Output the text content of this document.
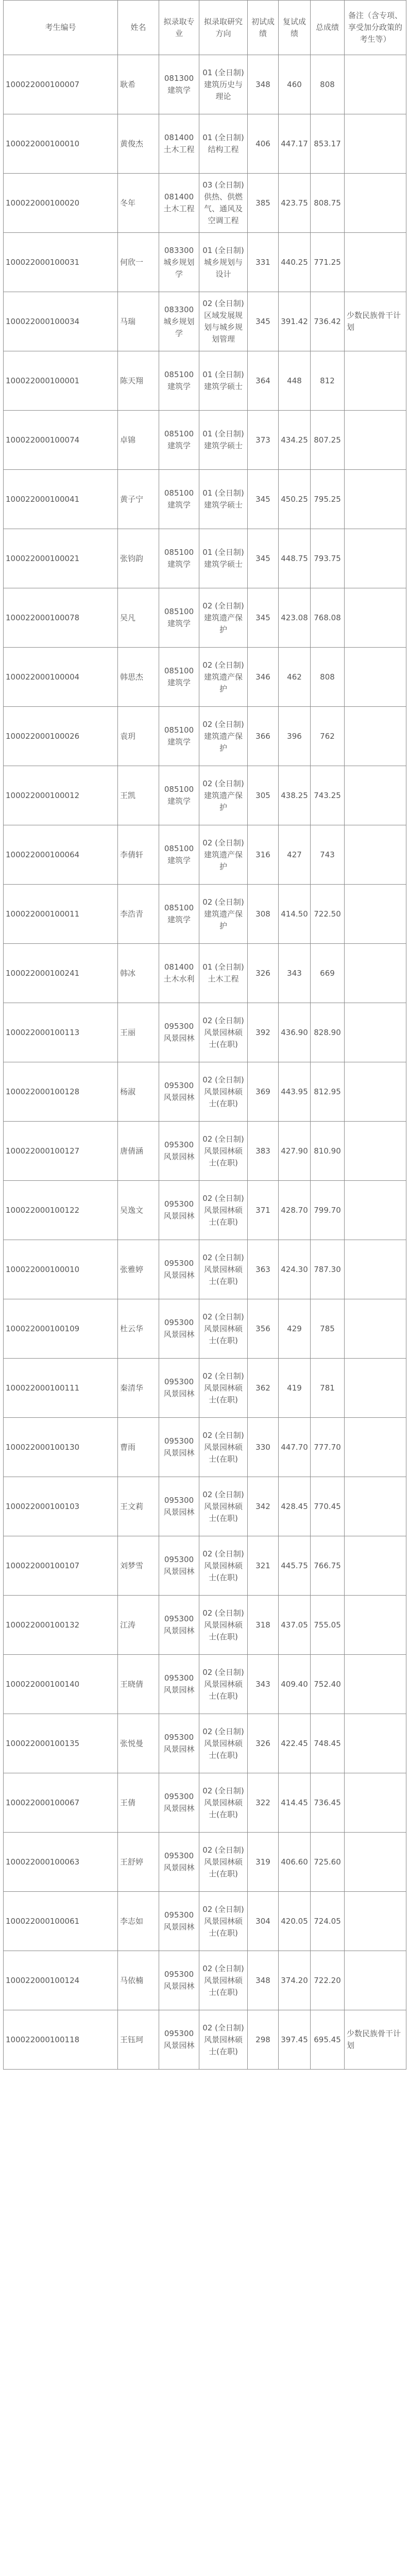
考生编号	姓名	拟录取专业	拟录取研究方向	初试成绩	复试成绩	总成绩	备注（含专项、享受加分政策的考生等）
100022000100007	耿希	081300 建筑学	01 (全日制)建筑历史与理论	348	460	808	
100022000100010	黄俊杰	081400 土木工程	01 (全日制)结构工程	406	447.17	853.17	
100022000100020	冬年	081400 土木工程	03 (全日制)供热、供燃气、通风及空调工程	385	423.75	808.75	
100022000100031	何欣一	083300 城乡规划学	01 (全日制)城乡规划与设计	331	440.25	771.25	
100022000100034	马瑞	083300 城乡规划学	02 (全日制)区域发展规划与城乡规划管理	345	391.42	736.42	少数民族骨干计划
100022000100001	陈天翔	085100 建筑学	01 (全日制)建筑学硕士	364	448	812	
100022000100074	卓锦	085100 建筑学	01 (全日制)建筑学硕士	373	434.25	807.25	
100022000100041	黄子宁	085100 建筑学	01 (全日制)建筑学硕士	345	450.25	795.25	
100022000100021	张钧韵	085100 建筑学	01 (全日制)建筑学硕士	345	448.75	793.75	
100022000100078	吴凡	085100 建筑学	02 (全日制)建筑遗产保护	345	423.08	768.08	
100022000100004	韩思杰	085100 建筑学	02 (全日制)建筑遗产保护	346	462	808	
100022000100026	袁玥	085100 建筑学	02 (全日制)建筑遗产保护	366	396	762	
100022000100012	王凯	085100 建筑学	02 (全日制)建筑遗产保护	305	438.25	743.25	
100022000100064	李倩轩	085100 建筑学	02 (全日制)建筑遗产保护	316	427	743	
100022000100011	李浩青	085100 建筑学	02 (全日制)建筑遗产保护	308	414.50	722.50	
100022000100241	韩冰	081400 土木水利	01 (全日制)土木工程	326	343	669	
100022000100113	王丽	095300 风景园林	02 (全日制)风景园林硕士(在职)	392	436.90	828.90	
100022000100128	杨淑	095300 风景园林	02 (全日制)风景园林硕士(在职)	369	443.95	812.95	
100022000100127	唐倩涵	095300 风景园林	02 (全日制)风景园林硕士(在职)	383	427.90	810.90	
100022000100122	吴逸文	095300 风景园林	02 (全日制)风景园林硕士(在职)	371	428.70	799.70	
100022000100010	张雅婷	095300 风景园林	02 (全日制)风景园林硕士(在职)	363	424.30	787.30	
100022000100109	杜云华	095300 风景园林	02 (全日制)风景园林硕士(在职)	356	429	785	
100022000100111	秦清华	095300 风景园林	02 (全日制)风景园林硕士(在职)	362	419	781	
100022000100130	曹雨	095300 风景园林	02 (全日制)风景园林硕士(在职)	330	447.70	777.70	
100022000100103	王文莉	095300 风景园林	02 (全日制)风景园林硕士(在职)	342	428.45	770.45	
100022000100107	刘梦雪	095300 风景园林	02 (全日制)风景园林硕士(在职)	321	445.75	766.75	
100022000100132	江涛	095300 风景园林	02 (全日制)风景园林硕士(在职)	318	437.05	755.05	
100022000100140	王晓倩	095300 风景园林	02 (全日制)风景园林硕士(在职)	343	409.40	752.40	
100022000100135	张悦曼	095300 风景园林	02 (全日制)风景园林硕士(在职)	326	422.45	748.45	
100022000100067	王倩	095300 风景园林	02 (全日制)风景园林硕士(在职)	322	414.45	736.45	
100022000100063	王舒婷	095300 风景园林	02 (全日制)风景园林硕士(在职)	319	406.60	725.60	
100022000100061	李志如	095300 风景园林	02 (全日制)风景园林硕士(在职)	304	420.05	724.05	
100022000100124	马依楠	095300 风景园林	02 (全日制)风景园林硕士(在职)	348	374.20	722.20	
100022000100118	王钰珂	095300 风景园林	02 (全日制)风景园林硕士(在职)	298	397.45	695.45	少数民族骨干计划
